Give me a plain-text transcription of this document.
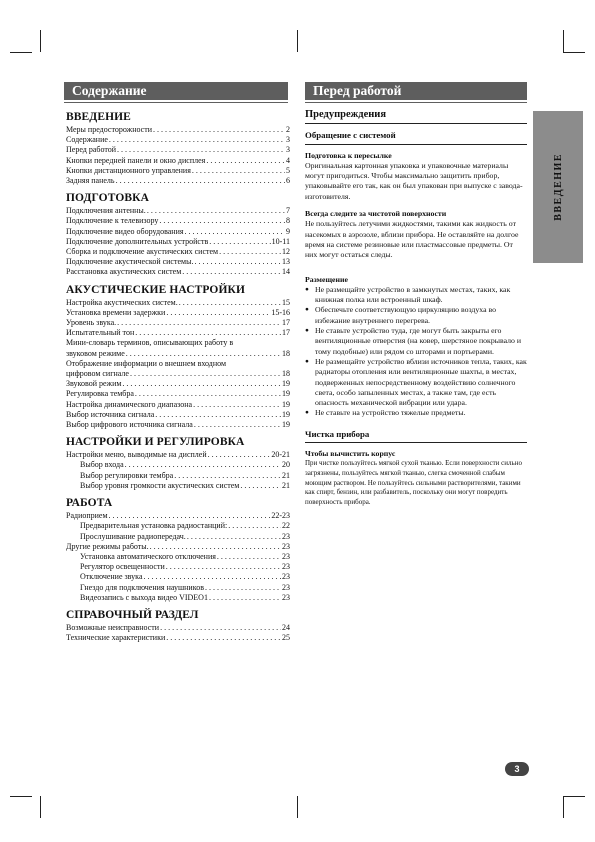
Содержание	Перед работой
ВВЕДЕНИЕ
Меры предосторожности . . .	2
Содержание . . .	3
Перед работой . . .	3
Кнопки передней панели и окно дисплея . . .	4
Кнопки дистанционного управления . . .	5
Задняя панель . . .	6
ПОДГОТОВКА
Подключения антенны. . . .	7
Подключение к телевизору . . .	8
Подключение видео оборудования . . .	9
Подключение дополнительных устройств . . .	10-11
Сборка и подключение акустических систем . . .	12
Подключение акустической системы. . . .	13
Расстановка акустических систем . . .	14
АКУСТИЧЕСКИЕ НАСТРОЙКИ
Настройка акустических систем. . . .	15
Установка времени задержки . . .	15-16
Уровень звука. . . .	17
Испытательный тон . . .	17
Мини-словарь терминов, описывающих работу в
звуковом режиме . . .	18
Отображение информации о внешнем входном
цифровом сигнале . . .	18
Звуковой режим . . .	19
Регулировка тембра . . .	19
Настройка динамического диапазона . . .	19
Выбор источника сигнала . . .	19
Выбор цифрового источника сигнала . . .	19
НАСТРОЙКИ И РЕГУЛИРОВКА
Настройки меню, выводимые на дисплей . . .	20-21
Выбор входа . . .	20
Выбор регулировки тембра . . .	21
Выбор уровня громкости акустических систем . . .	21
РАБОТА
Радиоприем . . .	22-23
Предварительная установка радиостанций: . . .	22
Прослушивание радиопередач. . . .	23
Другие режимы работы. . . .	23
Установка автоматического отключения . . .	23
Регулятор освещенности . . .	23
Отключение звука . . .	23
Гнездо для подключения наушников . . .	23
Видеозапись с выхода видео VIDEO1 . . .	23
СПРАВОЧНЫЙ РАЗДЕЛ
Возможные неисправности . . .	24
Технические характеристики . . .	25
Предупреждения
Обращение с системой
Подготовка к пересылке

Оригинальная картонная упаковка и упаковочные материалы могут пригодиться. Чтобы максимально защитить прибор, упаковывайте его так, как он был упакован при выпуске с завода-изготовителя.

Всегда следите за чистотой поверхности

Не пользуйтесь летучими жидкостями, такими как жидкость от насекомых в аэрозоле, вблизи прибора. Не оставляйте на долгое время на системе резиновые или пластмассовые предметы. От них могут остаться следы.

Размещение
● Не размещайте устройство в замкнутых местах, таких, как книжная полка или встроенный шкаф.
● Обеспечьте соответствующую циркуляцию воздуха во избежание внутреннего перегрева.
● Не ставьте устройство туда, где могут быть закрыты его вентиляционные отверстия (на ковер, шерстяное покрывало и тому подобные) или рядом со шторами и портьерами.
● Не размещайте устройство вблизи источников тепла, таких, как радиаторы отопления или вентиляционные шахты, в местах, подверженных непосредственному воздействию солнечного света, особо запыленных местах, а также там, где есть опасность механической вибрации или удара.
● Не ставьте на устройство тяжелые предметы.
Чистка прибора
Чтобы вычистить корпус

При чистке пользуйтесь мягкой сухой тканью. Если поверхности сильно загрязнены, пользуйтесь мягкой тканью, слегка смоченной слабым моющим раствором. Не пользуйтесь сильными растворителями, такими как спирт, бензин, или разбавитель, поскольку они могут повредить поверхность прибора.

ВВЕДЕНИЕ
3
